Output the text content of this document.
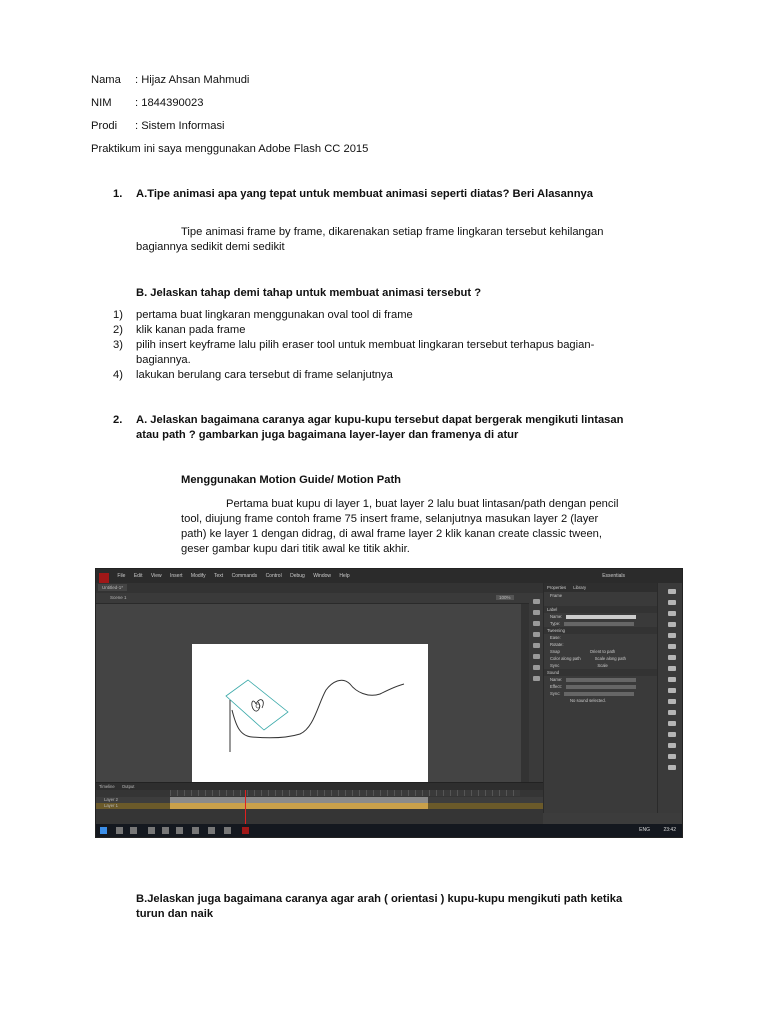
Nama : Hijaz Ahsan Mahmudi
NIM : 1844390023
Prodi : Sistem Informasi
Praktikum ini saya menggunakan Adobe Flash CC 2015
1. A.Tipe animasi apa yang tepat untuk membuat animasi seperti diatas? Beri Alasannya
Tipe animasi frame by frame, dikarenakan setiap frame lingkaran tersebut kehilangan
bagiannya sedikit demi sedikit
B. Jelaskan tahap demi tahap untuk membuat animasi tersebut ?
1) pertama buat lingkaran menggunakan oval tool di frame
2) klik kanan pada frame
3) pilih insert keyframe lalu pilih eraser tool untuk membuat lingkaran tersebut terhapus bagian-
bagiannya.
4) lakukan berulang cara tersebut di frame selanjutnya
2. A. Jelaskan bagaimana caranya agar kupu-kupu tersebut dapat bergerak mengikuti lintasan
atau path ? gambarkan juga bagaimana layer-layer dan framenya di atur
Menggunakan Motion Guide/ Motion Path
Pertama buat kupu di layer 1, buat layer 2 lalu buat lintasan/path dengan pencil
tool, diujung frame contoh frame 75 insert frame, selanjutnya masukan layer 2 (layer
path) ke layer 1 dengan didrag, di awal frame layer 2 klik kanan create classic tween,
geser gambar kupu dari titik awal ke titik akhir.
File Edit View Insert Modify Text Commands Control Debug Window Help	Essentials
Untitled-1*
Scene 1	100%
Properties Library
Frame
Label
Name:
Type:
Tweening
Ease:
Rotate:
Snap	Orient to path
Color along path	Scale along path
Sync	Scale
Sound
Name:
Effect:
Sync:
No sound selected.
Timeline Output
Layer 2
Layer 1
ENG	23:42
B.Jelaskan juga bagaimana caranya agar arah ( orientasi ) kupu-kupu mengikuti path ketika
turun dan naik
